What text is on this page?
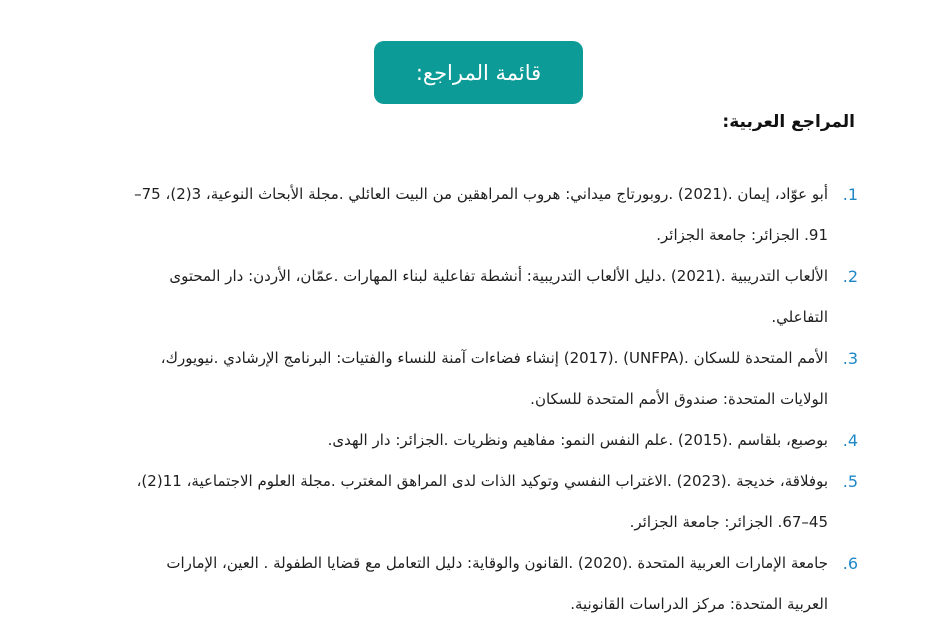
قائمة المراجع:
المراجع العربية:
.1
أبو عوّاد، إيمان .(2021) .روبورتاج ميداني: هروب المراهقين من البيت العائلي .مجلة الأبحاث النوعية، 3(2)، 75–91. الجزائر: جامعة الجزائر.
.2
الألعاب التدريبية .(2021) .دليل الألعاب التدريبية: أنشطة تفاعلية لبناء المهارات .عمّان، الأردن: دار المحتوى التفاعلي.
.3
الأمم المتحدة للسكان .(UNFPA) .(2017) إنشاء فضاءات آمنة للنساء والفتيات: البرنامج الإرشادي .نيويورك، الولايات المتحدة: صندوق الأمم المتحدة للسكان.
.4
بوصبع، بلقاسم .(2015) .علم النفس النمو: مفاهيم ونظريات .الجزائر: دار الهدى.
.5
بوفلاقة، خديجة .(2023) .الاغتراب النفسي وتوكيد الذات لدى المراهق المغترب .مجلة العلوم الاجتماعية، 11(2)، 45–67. الجزائر: جامعة الجزائر.
.6
جامعة الإمارات العربية المتحدة .(2020) .القانون والوقاية: دليل التعامل مع قضايا الطفولة . العين، الإمارات العربية المتحدة: مركز الدراسات القانونية.
